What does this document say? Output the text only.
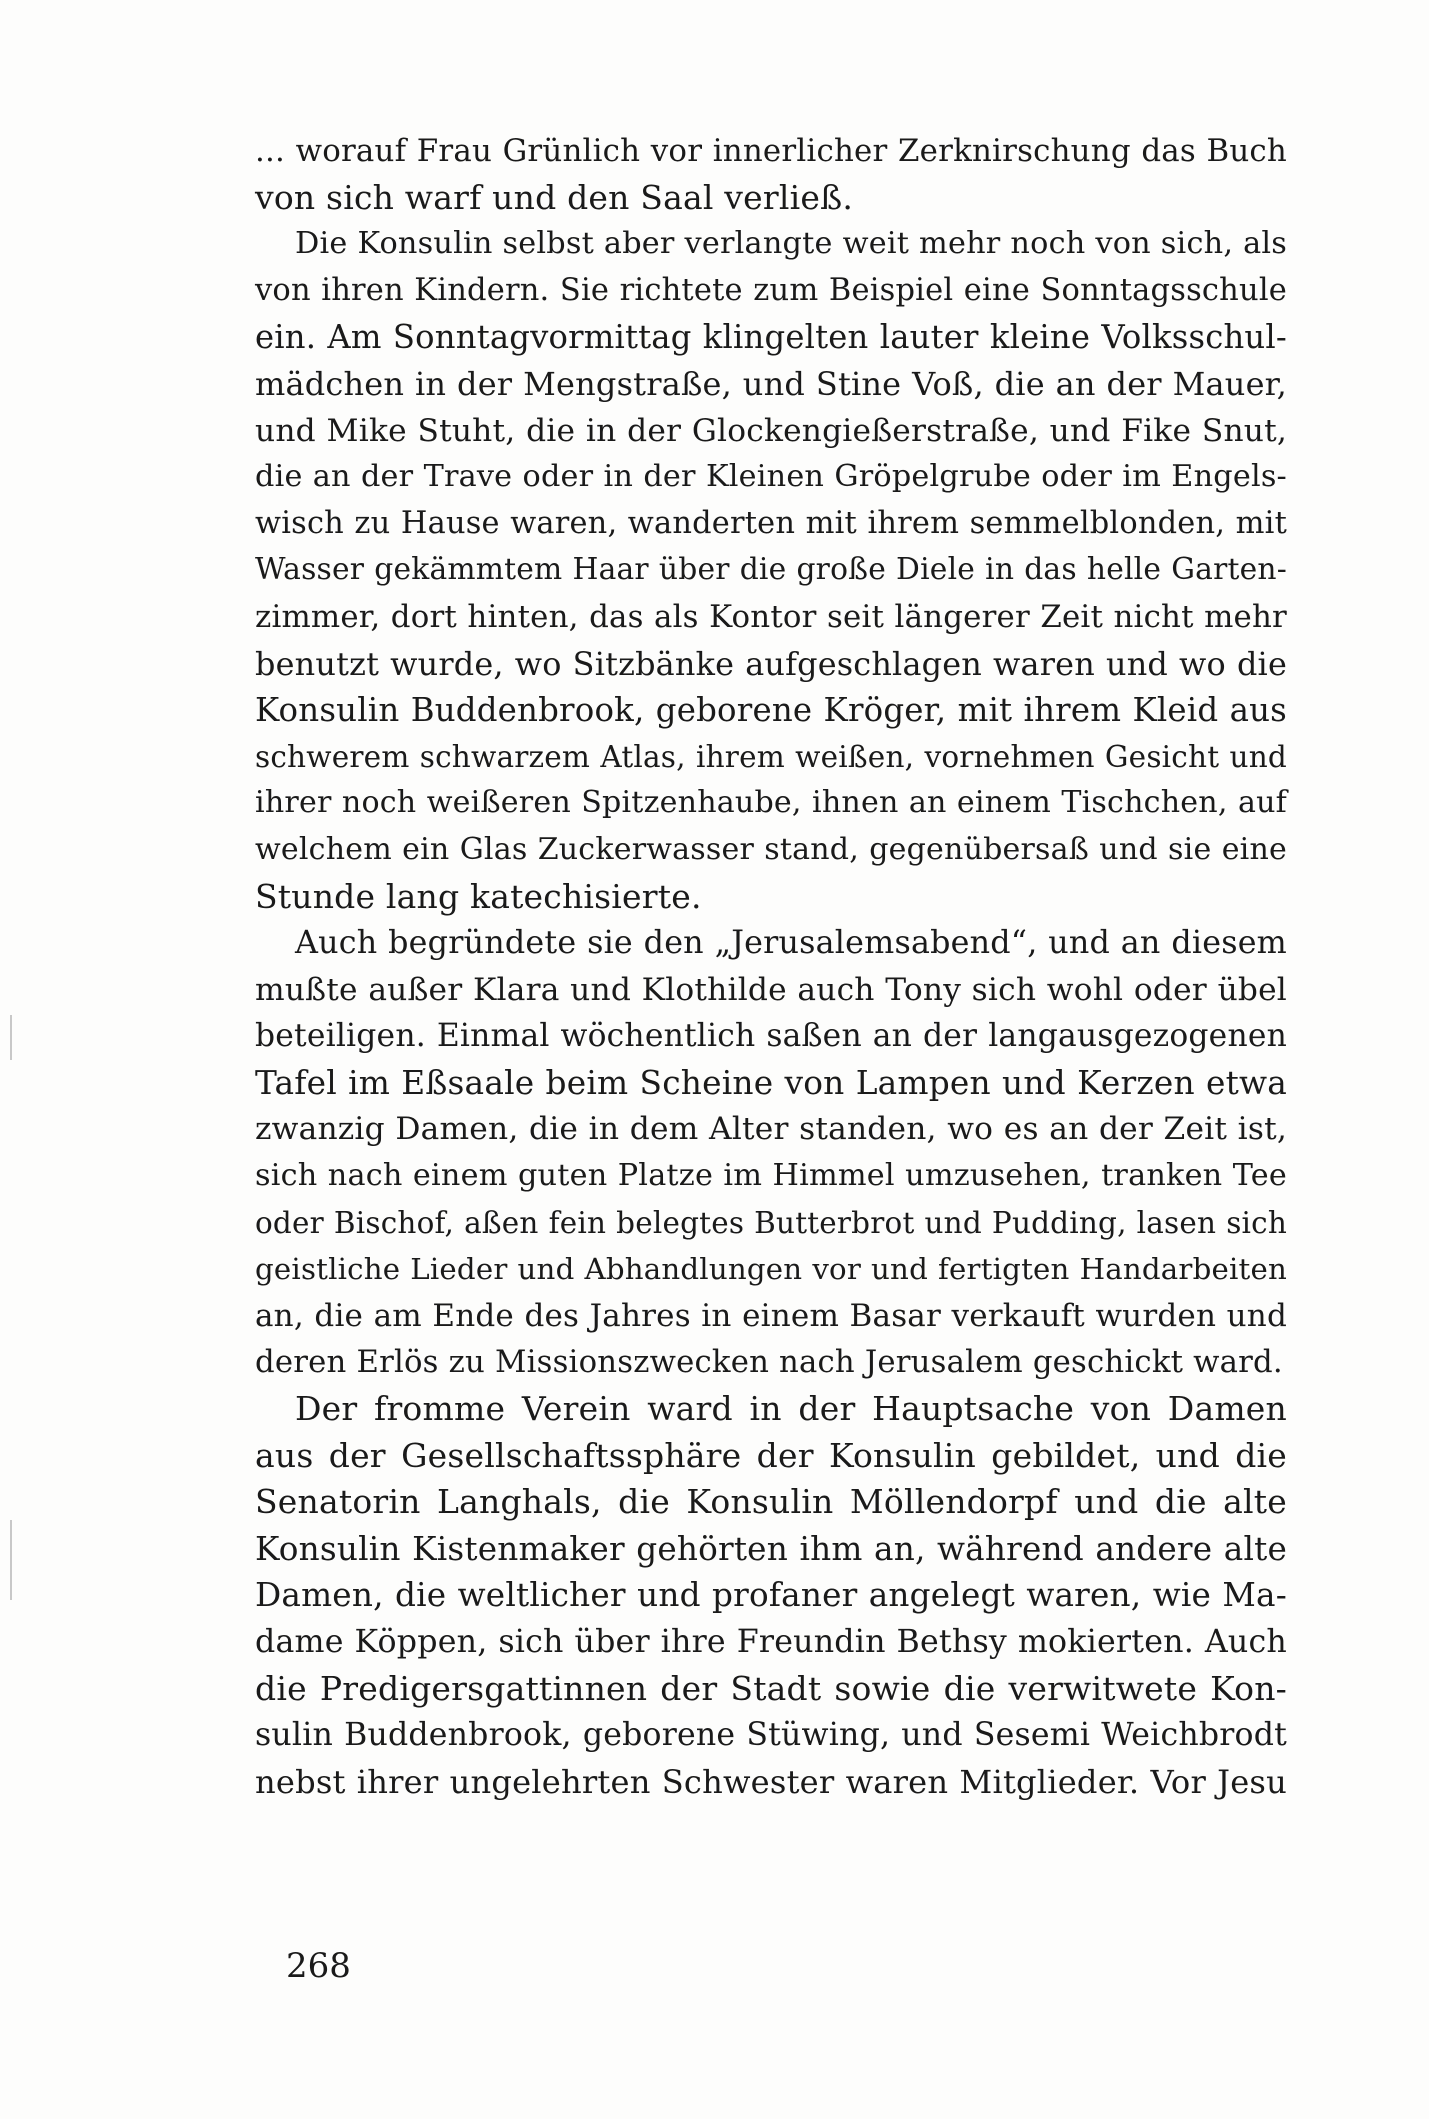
... worauf Frau Grünlich vor innerlicher Zerknirschung das Buch
von sich warf und den Saal verließ.
Die Konsulin selbst aber verlangte weit mehr noch von sich, als
von ihren Kindern. Sie richtete zum Beispiel eine Sonntagsschule
ein. Am Sonntagvormittag klingelten lauter kleine Volksschul-
mädchen in der Mengstraße, und Stine Voß, die an der Mauer,
und Mike Stuht, die in der Glockengießerstraße, und Fike Snut,
die an der Trave oder in der Kleinen Gröpelgrube oder im Engels-
wisch zu Hause waren, wanderten mit ihrem semmelblonden, mit
Wasser gekämmtem Haar über die große Diele in das helle Garten-
zimmer, dort hinten, das als Kontor seit längerer Zeit nicht mehr
benutzt wurde, wo Sitzbänke aufgeschlagen waren und wo die
Konsulin Buddenbrook, geborene Kröger, mit ihrem Kleid aus
schwerem schwarzem Atlas, ihrem weißen, vornehmen Gesicht und
ihrer noch weißeren Spitzenhaube, ihnen an einem Tischchen, auf
welchem ein Glas Zuckerwasser stand, gegenübersaß und sie eine
Stunde lang katechisierte.
Auch begründete sie den „Jerusalemsabend“, und an diesem
mußte außer Klara und Klothilde auch Tony sich wohl oder übel
beteiligen. Einmal wöchentlich saßen an der langausgezogenen
Tafel im Eßsaale beim Scheine von Lampen und Kerzen etwa
zwanzig Damen, die in dem Alter standen, wo es an der Zeit ist,
sich nach einem guten Platze im Himmel umzusehen, tranken Tee
oder Bischof, aßen fein belegtes Butterbrot und Pudding, lasen sich
geistliche Lieder und Abhandlungen vor und fertigten Handarbeiten
an, die am Ende des Jahres in einem Basar verkauft wurden und
deren Erlös zu Missionszwecken nach Jerusalem geschickt ward.
Der fromme Verein ward in der Hauptsache von Damen
aus der Gesellschaftssphäre der Konsulin gebildet, und die
Senatorin Langhals, die Konsulin Möllendorpf und die alte
Konsulin Kistenmaker gehörten ihm an, während andere alte
Damen, die weltlicher und profaner angelegt waren, wie Ma-
dame Köppen, sich über ihre Freundin Bethsy mokierten. Auch
die Predigersgattinnen der Stadt sowie die verwitwete Kon-
sulin Buddenbrook, geborene Stüwing, und Sesemi Weichbrodt
nebst ihrer ungelehrten Schwester waren Mitglieder. Vor Jesu
268
